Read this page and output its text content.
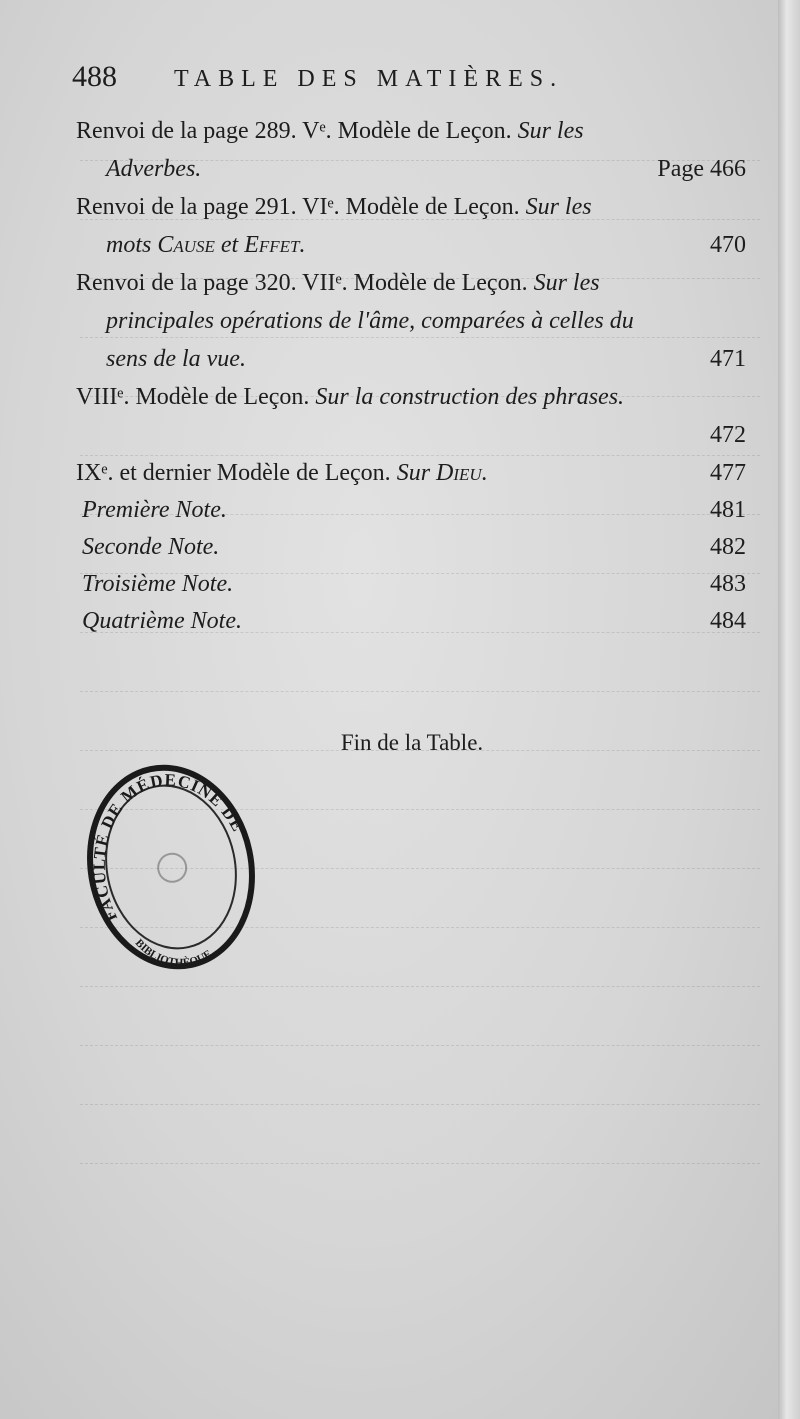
488 TABLE DES MATIÈRES.
Renvoi de la page 289. Vᵉ. Modèle de Leçon. Sur les
Adverbes.	Page 466
Renvoi de la page 291. VIᵉ. Modèle de Leçon. Sur les
mots Cause et Effet.	470
Renvoi de la page 320. VIIᵉ. Modèle de Leçon. Sur les
principales opérations de l'âme, comparées à celles du
sens de la vue.	471
VIIIᵉ. Modèle de Leçon. Sur la construction des phrases.
472
IXᵉ. et dernier Modèle de Leçon. Sur Dieu.	477
Première Note.	481
Seconde Note.	482
Troisième Note.	483
Quatrième Note.	484
Fin de la Table.
FACULTÉ DE MÉDECINE DE
BIBLIOTHÈQUE
